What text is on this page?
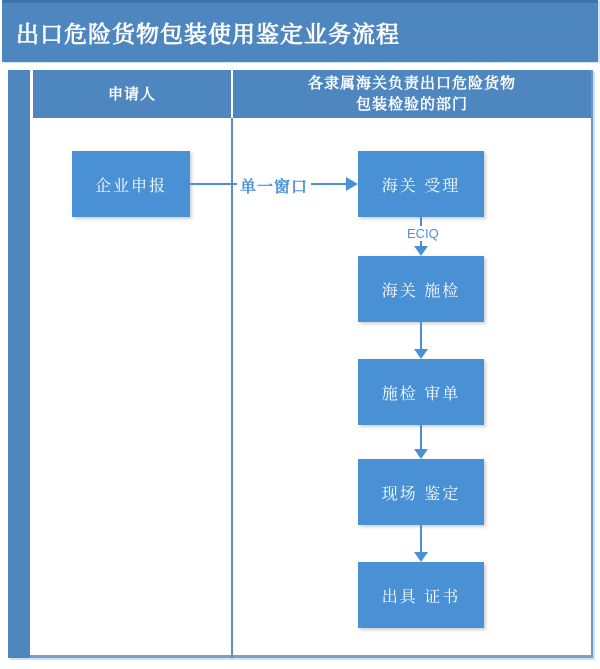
出口危险货物包装使用鉴定业务流程
申请人
各隶属海关负责出口危险货物
包装检验的部门
企业申报	海关 受理
海关 施检
施检 审单
现场 鉴定
出具 证书
单一窗口
ECIQ
